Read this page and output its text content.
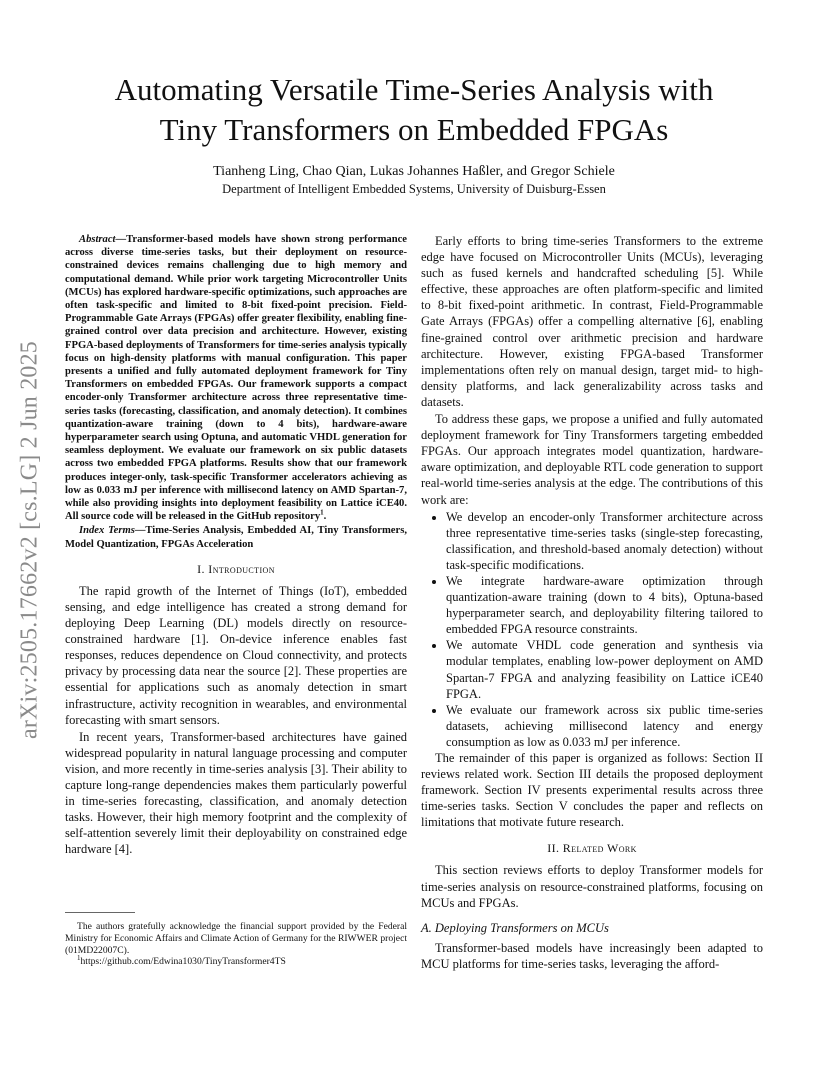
Automating Versatile Time-Series Analysis with
Tiny Transformers on Embedded FPGAs
Tianheng Ling, Chao Qian, Lukas Johannes Haßler, and Gregor Schiele
Department of Intelligent Embedded Systems, University of Duisburg-Essen
arXiv:2505.17662v2 [cs.LG] 2 Jun 2025
Abstract—Transformer-based models have shown strong performance across diverse time-series tasks, but their deployment on resource-constrained devices remains challenging due to high memory and computational demand. While prior work targeting Microcontroller Units (MCUs) has explored hardware-specific optimizations, such approaches are often task-specific and limited to 8-bit fixed-point precision. Field-Programmable Gate Arrays (FPGAs) offer greater flexibility, enabling fine-grained control over data precision and architecture. However, existing FPGA-based deployments of Transformers for time-series analysis typically focus on high-density platforms with manual configuration. This paper presents a unified and fully automated deployment framework for Tiny Transformers on embedded FPGAs. Our framework supports a compact encoder-only Transformer architecture across three representative time-series tasks (forecasting, classification, and anomaly detection). It combines quantization-aware training (down to 4 bits), hardware-aware hyperparameter search using Optuna, and automatic VHDL generation for seamless deployment. We evaluate our framework on six public datasets across two embedded FPGA platforms. Results show that our framework produces integer-only, task-specific Transformer accelerators achieving as low as 0.033 mJ per inference with millisecond latency on AMD Spartan-7, while also providing insights into deployment feasibility on Lattice iCE40. All source code will be released in the GitHub repository$^1$.
Index Terms—Time-Series Analysis, Embedded AI, Tiny Transformers, Model Quantization, FPGAs Acceleration
I. Introduction

The rapid growth of the Internet of Things (IoT), embedded sensing, and edge intelligence has created a strong demand for deploying Deep Learning (DL) models directly on resource-constrained hardware [1]. On-device inference enables fast responses, reduces dependence on Cloud connectivity, and protects privacy by processing data near the source [2]. These properties are essential for applications such as anomaly detection in smart infrastructure, activity recognition in wearables, and environmental forecasting with smart sensors.

In recent years, Transformer-based architectures have gained widespread popularity in natural language processing and computer vision, and more recently in time-series analysis [3]. Their ability to capture long-range dependencies makes them particularly powerful in time-series forecasting, classification, and anomaly detection tasks. However, their high memory footprint and the complexity of self-attention severely limit their deployability on constrained edge hardware [4].

Early efforts to bring time-series Transformers to the extreme edge have focused on Microcontroller Units (MCUs), leveraging such as fused kernels and handcrafted scheduling [5]. While effective, these approaches are often platform-specific and limited to 8-bit fixed-point arithmetic. In contrast, Field-Programmable Gate Arrays (FPGAs) offer a compelling alternative [6], enabling fine-grained control over arithmetic precision and hardware architecture. However, existing FPGA-based Transformer implementations often rely on manual design, target mid- to high-density platforms, and lack generalizability across tasks and datasets.

To address these gaps, we propose a unified and fully automated deployment framework for Tiny Transformers targeting embedded FPGAs. Our approach integrates model quantization, hardware-aware optimization, and deployable RTL code generation to support real-world time-series analysis at the edge. The contributions of this work are:

• We develop an encoder-only Transformer architecture across three representative time-series tasks (single-step forecasting, classification, and threshold-based anomaly detection) without task-specific modifications.
• We integrate hardware-aware optimization through quantization-aware training (down to 4 bits), Optuna-based hyperparameter search, and deployability filtering tailored to embedded FPGA resource constraints.
• We automate VHDL code generation and synthesis via modular templates, enabling low-power deployment on AMD Spartan-7 FPGA and analyzing feasibility on Lattice iCE40 FPGA.
• We evaluate our framework across six public time-series datasets, achieving millisecond latency and energy consumption as low as 0.033 mJ per inference.

The remainder of this paper is organized as follows: Section II reviews related work. Section III details the proposed deployment framework. Section IV presents experimental results across three time-series tasks. Section V concludes the paper and reflects on limitations that motivate future research.

II. Related Work

This section reviews efforts to deploy Transformer models for time-series analysis on resource-constrained platforms, focusing on MCUs and FPGAs.

A. Deploying Transformers on MCUs

Transformer-based models have increasingly been adapted to MCU platforms for time-series tasks, leveraging the afford-

The authors gratefully acknowledge the financial support provided by the Federal Ministry for Economic Affairs and Climate Action of Germany for the RIWWER project (01MD22007C).

$^1$https://github.com/Edwina1030/TinyTransformer4TS
